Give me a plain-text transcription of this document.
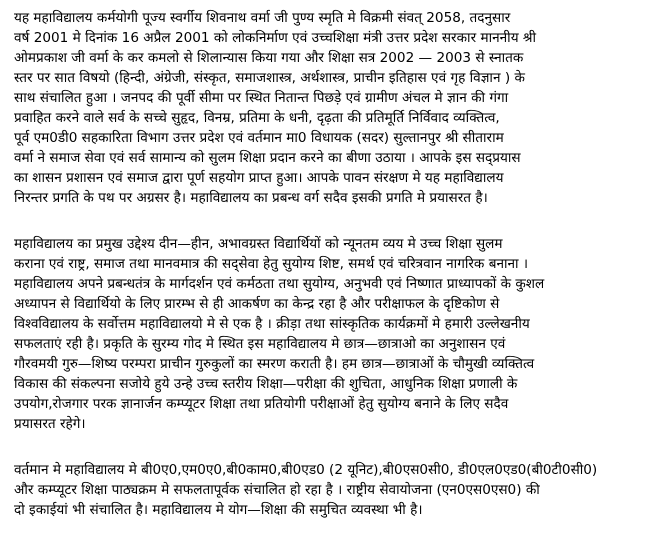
यह महाविद्यालय कर्मयोगी पूज्य स्वर्गीय शिवनाथ वर्मा जी पुण्य स्मृति मे विक्रमी संवत् 2058, तदनुसार
वर्ष 2001 मे दिनांक 16 अप्रैल 2001 को लोकनिर्माण एवं उच्चशिक्षा मंत्री उत्तर प्रदेश सरकार माननीय श्री
ओमप्रकाश जी वर्मा के कर कमलो से शिलान्यास किया गया और शिक्षा सत्र 2002 — 2003 से स्नातक
स्तर पर सात विषयो (हिन्दी, अंग्रेजी, संस्कृत, समाजशास्त्र, अर्थशास्त्र, प्राचीन इतिहास एवं गृह विज्ञान ) के
साथ संचालित हुआ । जनपद की पूर्वी सीमा पर स्थित नितान्त पिछड़े एवं ग्रामीण अंचल मे ज्ञान की गंगा
प्रवाहित करने वाले सर्व के सच्चे सुहृद, विनम्र, प्रतिमा के धनी, दृढ़ता की प्रतिमूर्ति निर्विवाद व्यक्तित्व,
पूर्व एम0डी0 सहकारिता विभाग उत्तर प्रदेश एवं वर्तमान मा0 विधायक (सदर) सुल्तानपुर श्री सीताराम
वर्मा ने समाज सेवा एवं सर्व सामान्य को सुलम शिक्षा प्रदान करने का बीणा उठाया । आपके इस सद्प्रयास
का शासन प्रशासन एवं समाज द्वारा पूर्ण सहयोग प्राप्त हुआ। आपके पावन संरक्षण मे यह महाविद्यालय
निरन्तर प्रगति के पथ पर अग्रसर है। महाविद्यालय का प्रबन्ध वर्ग सदैव इसकी प्रगति मे प्रयासरत है।

महाविद्यालय का प्रमुख उद्देश्य दीन—हीन, अभावग्रस्त विद्यार्थियों को न्यूनतम व्यय मे उच्च शिक्षा सुलम
कराना एवं राष्ट्र, समाज तथा मानवमात्र की सद्सेवा हेतु सुयोग्य शिष्ट, समर्थ एवं चरित्रवान नागरिक बनाना ।
महाविद्यालय अपने प्रबन्धतंत्र के मार्गदर्शन एवं कर्मठता तथा सुयोग्य, अनुभवी एवं निष्णात प्राध्यापकों के कुशल
अध्यापन से विद्यार्थियो के लिए प्रारम्भ से ही आकर्षण का केन्द्र रहा है और परीक्षाफल के दृष्टिकोण से
विश्वविद्यालय के सर्वोत्तम महाविद्यालयो मे से एक है । क्रीड़ा तथा सांस्कृतिक कार्यक्रमों मे हमारी उल्लेखनीय
सफलताएं रही है। प्रकृति के सुरम्य गोद मे स्थित इस महाविद्यालय मे छात्र—छात्राओ का अनुशासन एवं
गौरवमयी गुरु—शिष्य परम्परा प्राचीन गुरुकुलों का स्मरण कराती है। हम छात्र—छात्राओं के चौमुखी व्यक्तित्व
विकास की संकल्पना सजोये हुये उन्हे उच्च स्तरीय शिक्षा—परीक्षा की शुचिता, आधुनिक शिक्षा प्रणाली के
उपयोग,रोजगार परक ज्ञानार्जन कम्प्यूटर शिक्षा तथा प्रतियोगी परीक्षाओं हेतु सुयोग्य बनाने के लिए सदैव
प्रयासरत रहेगे।

वर्तमान मे महाविद्यालय मे बी0ए0,एम0ए0,बी0काम0,बी0एड0 (2 यूनिट),बी0एस0सी0, डी0एल0एड0(बी0टी0सी0)
और कम्प्यूटर शिक्षा पाठ्यक्रम मे सफलतापूर्वक संचालित हो रहा है । राष्ट्रीय सेवायोजना (एन0एस0एस0) की
दो इकाईयां भी संचालित है। महाविद्यालय मे योग—शिक्षा की समुचित व्यवस्था भी है।
